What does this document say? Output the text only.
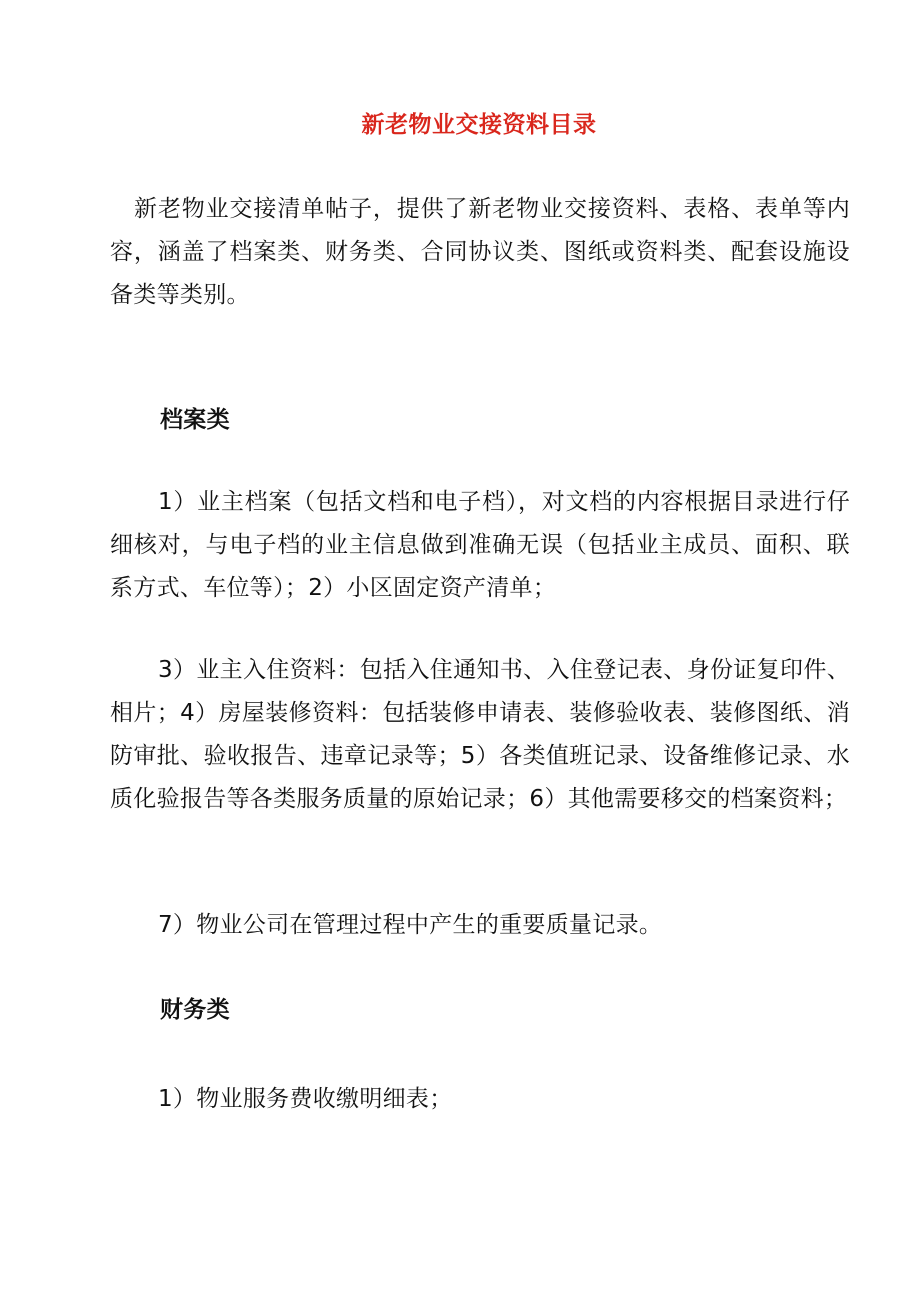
新老物业交接资料目录

新老物业交接清单帖子，提供了新老物业交接资料、表格、表单等内容，涵盖了档案类、财务类、合同协议类、图纸或资料类、配套设施设备类等类别。

档案类

1）业主档案（包括文档和电子档），对文档的内容根据目录进行仔细核对，与电子档的业主信息做到准确无误（包括业主成员、面积、联系方式、车位等）；2）小区固定资产清单；

3）业主入住资料：包括入住通知书、入住登记表、身份证复印件、相片；4）房屋装修资料：包括装修申请表、装修验收表、装修图纸、消防审批、验收报告、违章记录等；5）各类值班记录、设备维修记录、水质化验报告等各类服务质量的原始记录；6）其他需要移交的档案资料；

7）物业公司在管理过程中产生的重要质量记录。

财务类

1）物业服务费收缴明细表；
